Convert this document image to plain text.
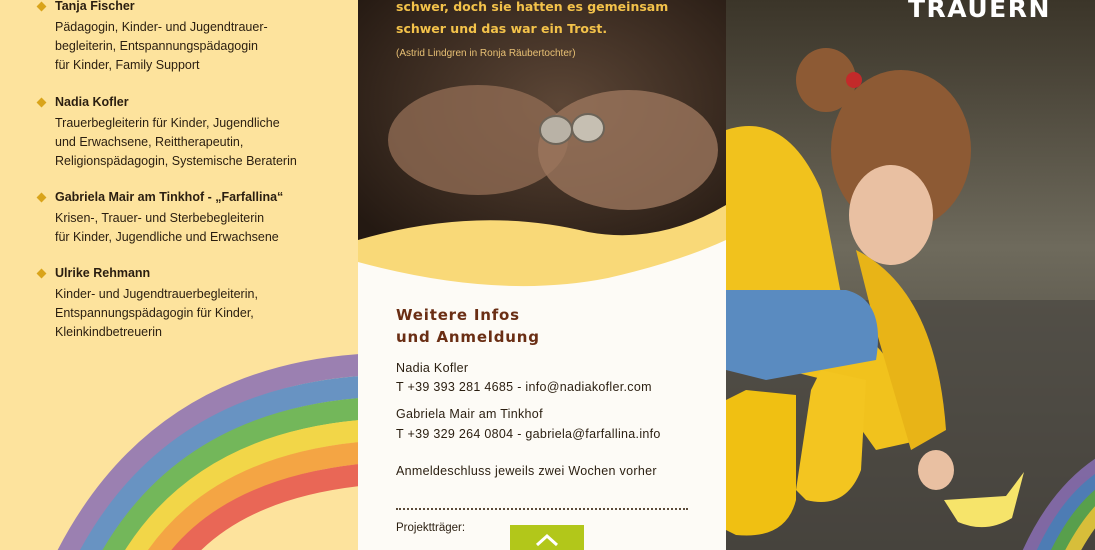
Tanja Fischer
Pädagogin, Kinder- und Jugendtrauer-
begleiterin, Entspannungspädagogin
für Kinder, Family Support
Nadia Kofler
Trauerbegleiterin für Kinder, Jugendliche
und Erwachsene, Reittherapeutin,
Religionspädagogin, Systemische Beraterin
Gabriela Mair am Tinkhof - „Farfallina“
Krisen-, Trauer- und Sterbebegleiterin
für Kinder, Jugendliche und Erwachsene
Ulrike Rehmann
Kinder- und Jugendtrauerbegleiterin,
Entspannungspädagogin für Kinder,
Kleinkindbetreuerin
schwer, doch sie hatten es gemeinsam
schwer und das war ein Trost.
(Astrid Lindgren in Ronja Räubertochter)
Weitere Infos
und Anmeldung
Nadia Kofler
T +39 393 281 4685 - info@nadiakofler.com
Gabriela Mair am Tinkhof
T +39 329 264 0804 - gabriela@farfallina.info
Anmeldeschluss jeweils zwei Wochen vorher
Projektträger:
TRAUERN
